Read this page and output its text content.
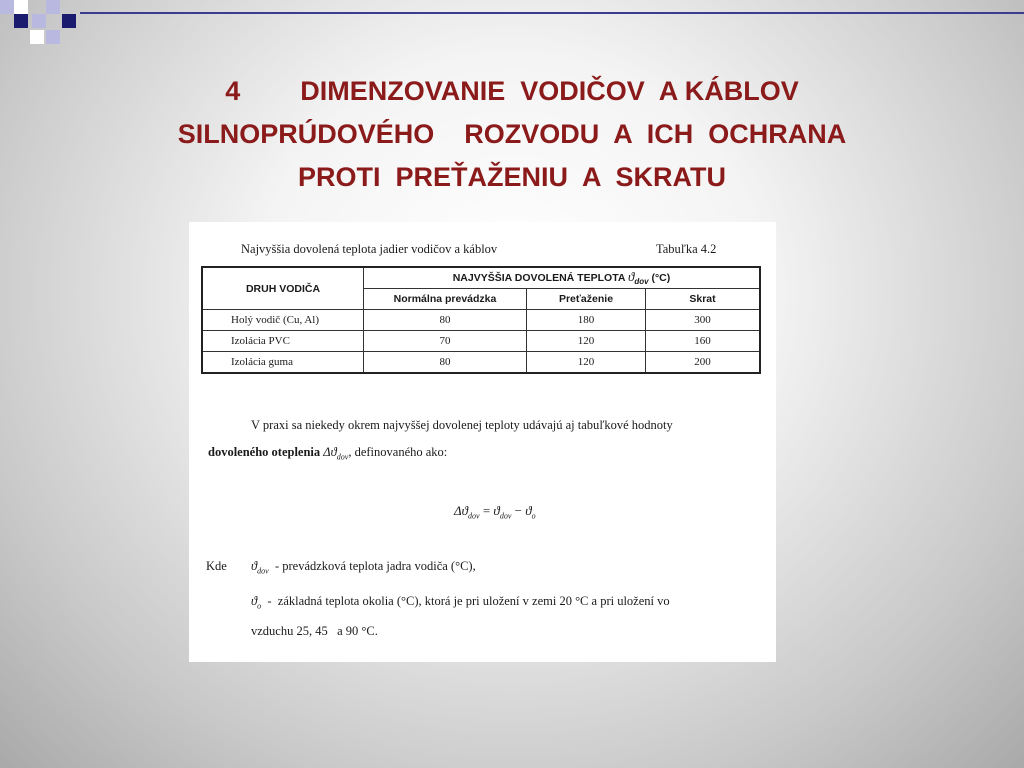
4        DIMENZOVANIE  VODIČOV  A KÁBLOV
SILNOPRÚDOVÉHO    ROZVODU  A  ICH  OCHRANA
PROTI  PREŤAŽENIU  A  SKRATU
Najvyššia dovolená teplota jadier vodičov a káblov	Tabuľka 4.2
DRUH VODIČA	NAJVYŠŠIA DOVOLENÁ TEPLOTA $ϑ_{dov}$ (°C)		
	Normálna prevádzka	Preťaženie	Skrat
Holý vodič (Cu, Al)	80	180	300
Izolácia PVC	70	120	160
Izolácia guma	80	120	200
V praxi sa niekedy okrem najvyššej dovolenej teploty udávajú aj tabuľkové hodnoty
dovoleného oteplenia $\Delta ϑ_{dov}$, definovaného ako:
$\Delta ϑ_{dov} = ϑ_{dov} - ϑ_o$
Kde $ϑ_{dov}$  - prevádzková teplota jadra vodiča (°C),
$ϑ_o$  -  základná teplota okolia (°C), ktorá je pri uložení v zemi 20 °C a pri uložení vo
vzduchu 25, 45   a 90 °C.
